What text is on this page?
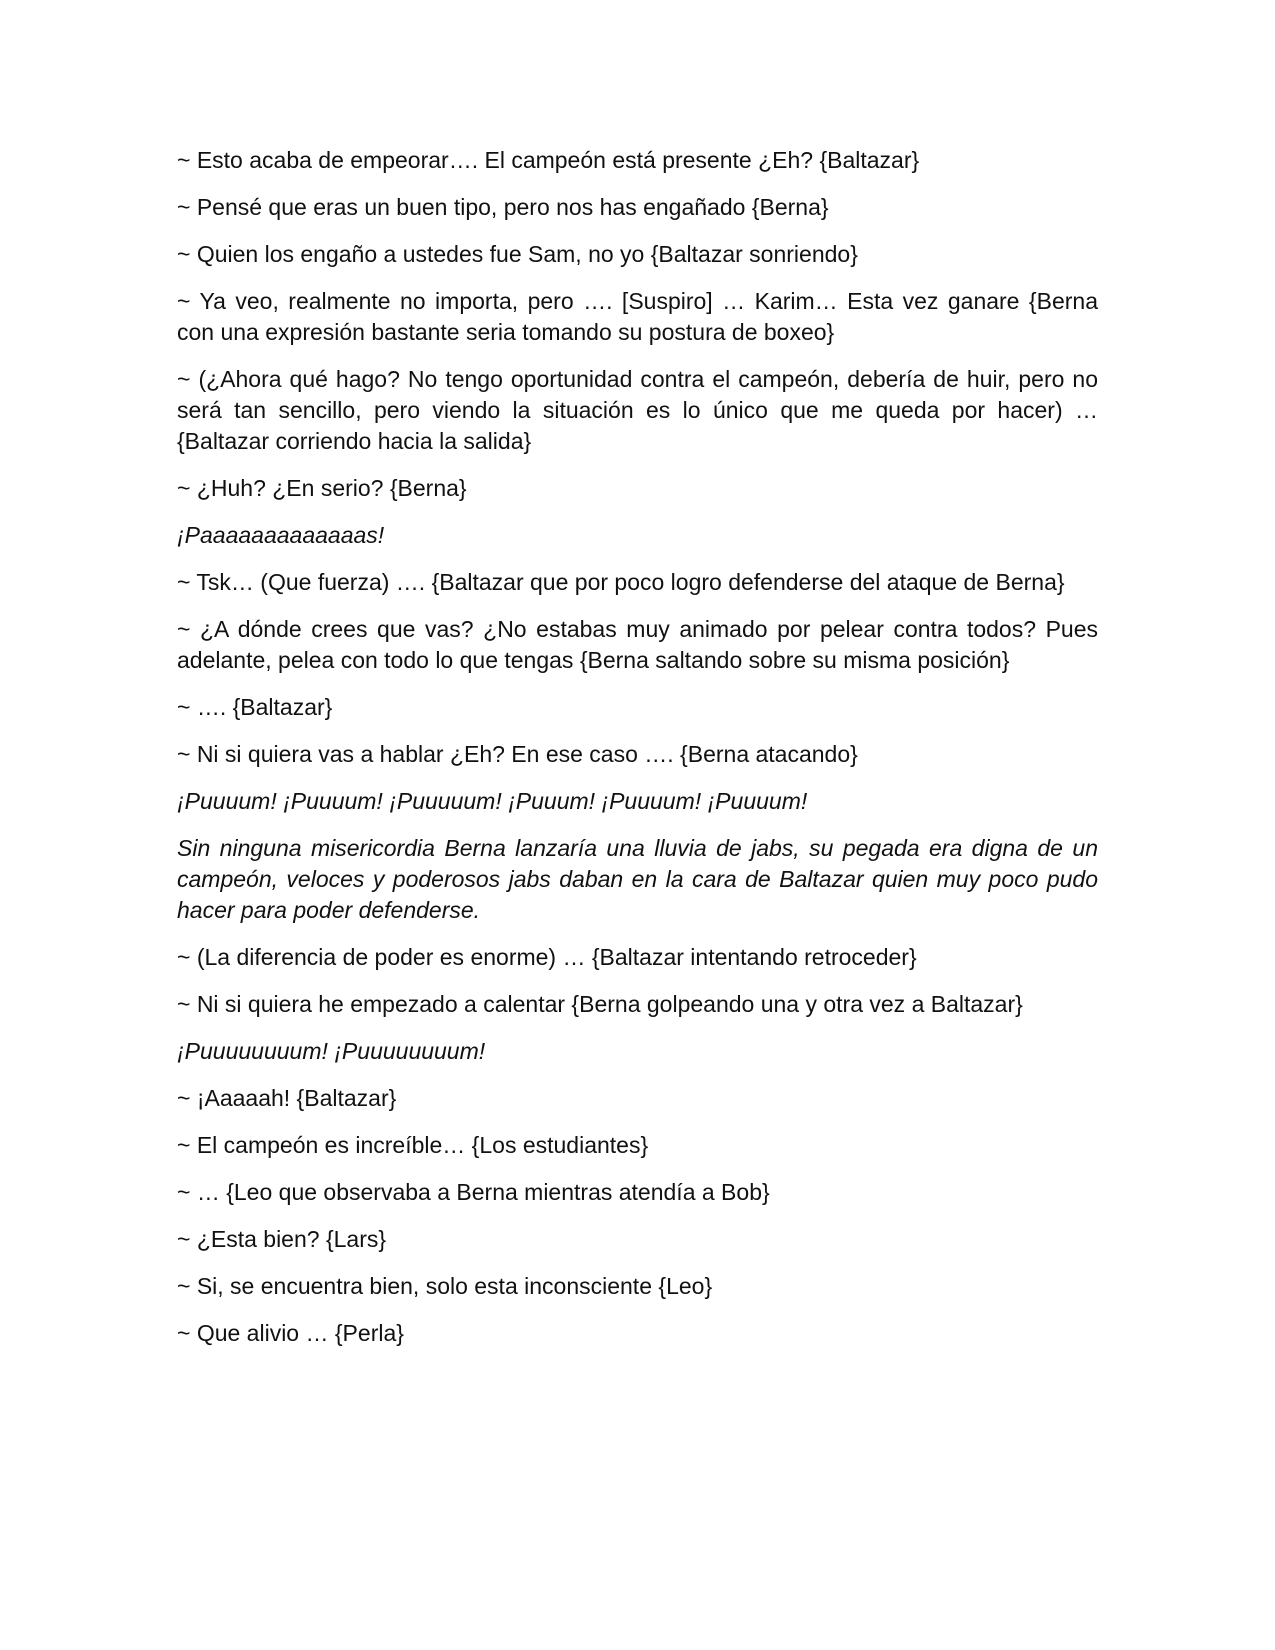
~ Esto acaba de empeorar…. El campeón está presente ¿Eh? {Baltazar}

~ Pensé que eras un buen tipo, pero nos has engañado {Berna}

~ Quien los engaño a ustedes fue Sam, no yo {Baltazar sonriendo}

~ Ya veo, realmente no importa, pero …. [Suspiro] … Karim… Esta vez ganare {Berna con una expresión bastante seria tomando su postura de boxeo}

~ (¿Ahora qué hago? No tengo oportunidad contra el campeón, debería de huir, pero no será tan sencillo, pero viendo la situación es lo único que me queda por hacer) … {Baltazar corriendo hacia la salida}

~ ¿Huh? ¿En serio? {Berna}

¡Paaaaaaaaaaaaas!

~ Tsk… (Que fuerza) …. {Baltazar que por poco logro defenderse del ataque de Berna}

~ ¿A dónde crees que vas? ¿No estabas muy animado por pelear contra todos? Pues adelante, pelea con todo lo que tengas {Berna saltando sobre su misma posición}

~ …. {Baltazar}

~ Ni si quiera vas a hablar ¿Eh? En ese caso …. {Berna atacando}

¡Puuuum! ¡Puuuum! ¡Puuuuum! ¡Puuum! ¡Puuuum! ¡Puuuum!

Sin ninguna misericordia Berna lanzaría una lluvia de jabs, su pegada era digna de un campeón, veloces y poderosos jabs daban en la cara de Baltazar quien muy poco pudo hacer para poder defenderse.

~ (La diferencia de poder es enorme) … {Baltazar intentando retroceder}

~ Ni si quiera he empezado a calentar {Berna golpeando una y otra vez a Baltazar}

¡Puuuuuuuum! ¡Puuuuuuuum!

~ ¡Aaaaah! {Baltazar}

~ El campeón es increíble… {Los estudiantes}

~ … {Leo que observaba a Berna mientras atendía a Bob}

~ ¿Esta bien? {Lars}

~ Si, se encuentra bien, solo esta inconsciente {Leo}

~ Que alivio … {Perla}
